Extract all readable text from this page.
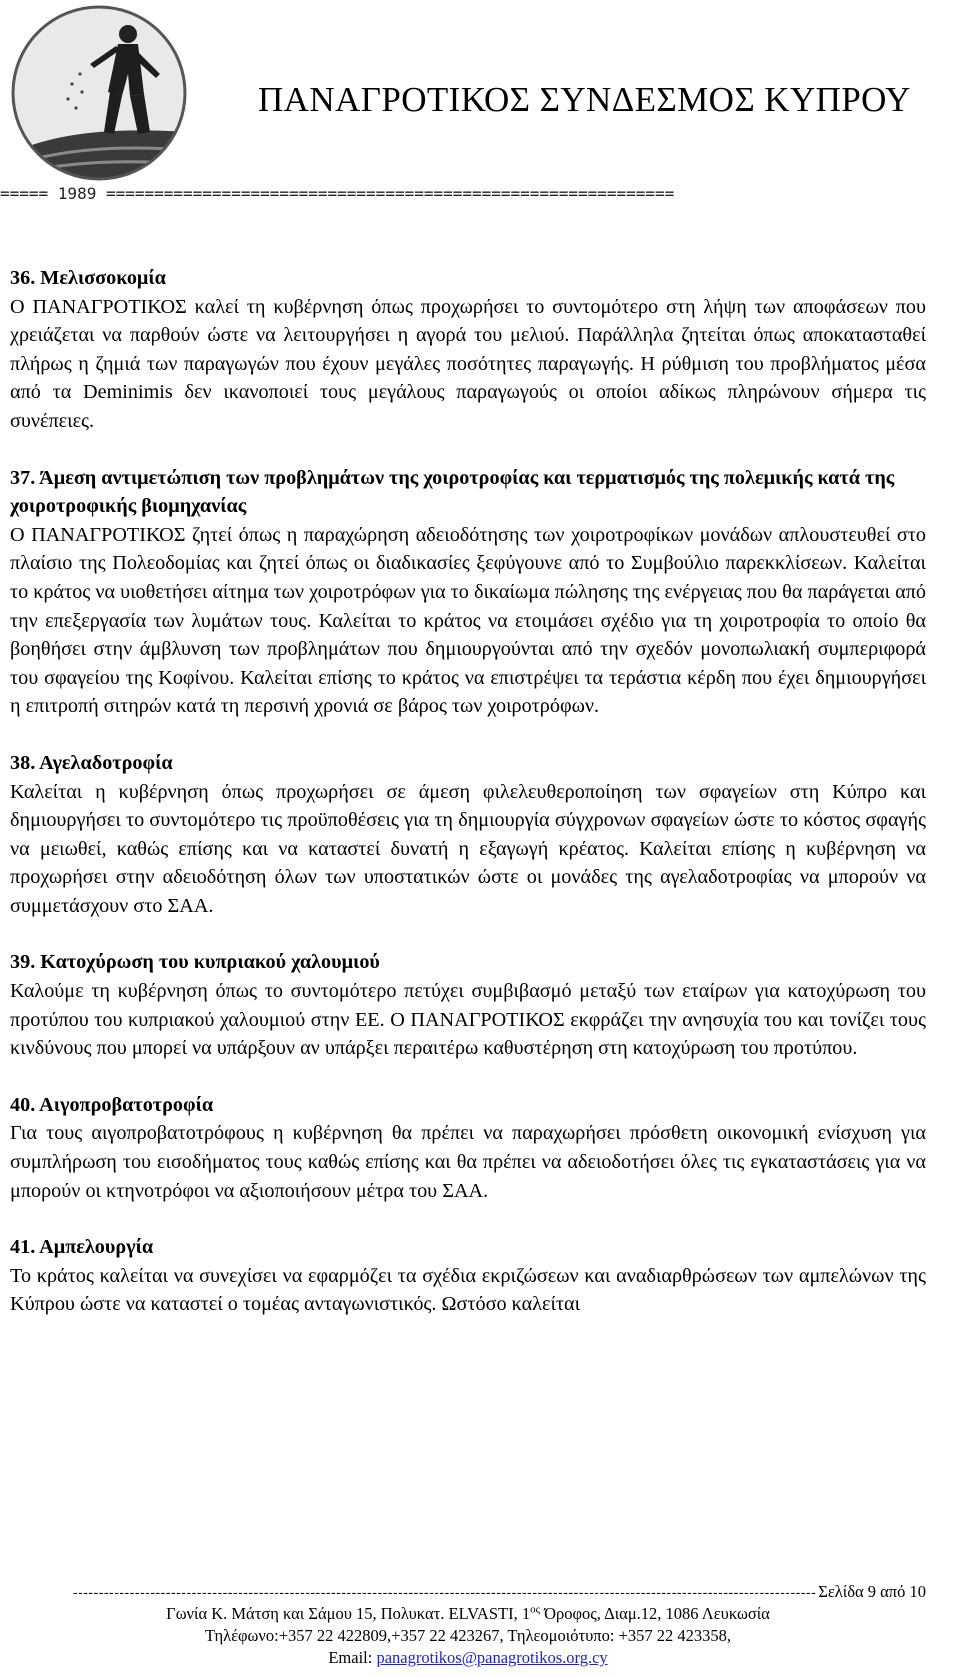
ΠΑΝΑΓΡΟΤΙΚΟΣ ΣΥΝΔΕΣΜΟΣ ΚΥΠΡΟΥ
===== 1989 ===========================================================
36. Μελισσοκομία

Ο ΠΑΝΑΓΡΟΤΙΚΟΣ καλεί τη κυβέρνηση όπως προχωρήσει το συντομότερο στη λήψη των αποφάσεων που χρειάζεται να παρθούν ώστε να λειτουργήσει η αγορά του μελιού. Παράλληλα ζητείται όπως αποκατασταθεί πλήρως η ζημιά των παραγωγών που έχουν μεγάλες ποσότητες παραγωγής. Η ρύθμιση του προβλήματος μέσα από τα Deminimis δεν ικανοποιεί τους μεγάλους παραγωγούς οι οποίοι αδίκως πληρώνουν σήμερα τις συνέπειες.

37. Άμεση αντιμετώπιση των προβλημάτων της χοιροτροφίας και τερματισμός της πολεμικής κατά της χοιροτροφικής βιομηχανίας

Ο ΠΑΝΑΓΡΟΤΙΚΟΣ ζητεί όπως η παραχώρηση αδειοδότησης των χοιροτροφίκων μονάδων απλουστευθεί στο πλαίσιο της Πολεοδομίας και ζητεί όπως οι διαδικασίες ξεφύγουνε από το Συμβούλιο παρεκκλίσεων. Καλείται το κράτος να υιοθετήσει αίτημα των χοιροτρόφων για το δικαίωμα πώλησης της ενέργειας που θα παράγεται από την επεξεργασία των λυμάτων τους. Καλείται το κράτος να ετοιμάσει σχέδιο για τη χοιροτροφία το οποίο θα βοηθήσει στην άμβλυνση των προβλημάτων που δημιουργούνται από την σχεδόν μονοπωλιακή συμπεριφορά του σφαγείου της Κοφίνου. Καλείται επίσης το κράτος να επιστρέψει τα τεράστια κέρδη που έχει δημιουργήσει η επιτροπή σιτηρών κατά τη περσινή χρονιά σε βάρος των χοιροτρόφων.

38. Αγελαδοτροφία

Καλείται η κυβέρνηση όπως προχωρήσει σε άμεση φιλελευθεροποίηση των σφαγείων στη Κύπρο και δημιουργήσει το συντομότερο τις προϋποθέσεις για τη δημιουργία σύγχρονων σφαγείων ώστε το κόστος σφαγής να μειωθεί, καθώς επίσης και να καταστεί δυνατή η εξαγωγή κρέατος. Καλείται επίσης η κυβέρνηση να προχωρήσει στην αδειοδότηση όλων των υποστατικών ώστε οι μονάδες της αγελαδοτροφίας να μπορούν να συμμετάσχουν στο ΣΑΑ.

39. Κατοχύρωση του κυπριακού χαλουμιού

Καλούμε τη κυβέρνηση όπως το συντομότερο πετύχει συμβιβασμό μεταξύ των εταίρων για κατοχύρωση του προτύπου του κυπριακού χαλουμιού στην ΕΕ. Ο ΠΑΝΑΓΡΟΤΙΚΟΣ εκφράζει την ανησυχία του και τονίζει τους κινδύνους που μπορεί να υπάρξουν αν υπάρξει περαιτέρω καθυστέρηση στη κατοχύρωση του προτύπου.

40. Αιγοπροβατοτροφία

Για τους αιγοπροβατοτρόφους η κυβέρνηση θα πρέπει να παραχωρήσει πρόσθετη οικονομική ενίσχυση για συμπλήρωση του εισοδήματος τους καθώς επίσης και θα πρέπει να αδειοδοτήσει όλες τις εγκαταστάσεις για να μπορούν οι κτηνοτρόφοι να αξιοποιήσουν μέτρα του ΣΑΑ.

41. Αμπελουργία

Το κράτος καλείται να συνεχίσει να εφαρμόζει τα σχέδια εκριζώσεων και αναδιαρθρώσεων των αμπελώνων της Κύπρου ώστε να καταστεί ο τομέας ανταγωνιστικός. Ωστόσο καλείται

------------------------------------------------------------------------------------------------------------------------------------------------ Σελίδα 9 από 10
Γωνία Κ. Μάτση και Σάμου 15, Πολυκατ. ELVASTI, $1^{o\varsigma}$ Όροφος, Διαμ.12, 1086 Λευκωσία
Τηλέφωνο:+357 22 422809,+357 22 423267, Τηλεομοιότυπο: +357 22 423358,
Email: panagrotikos@panagrotikos.org.cy
